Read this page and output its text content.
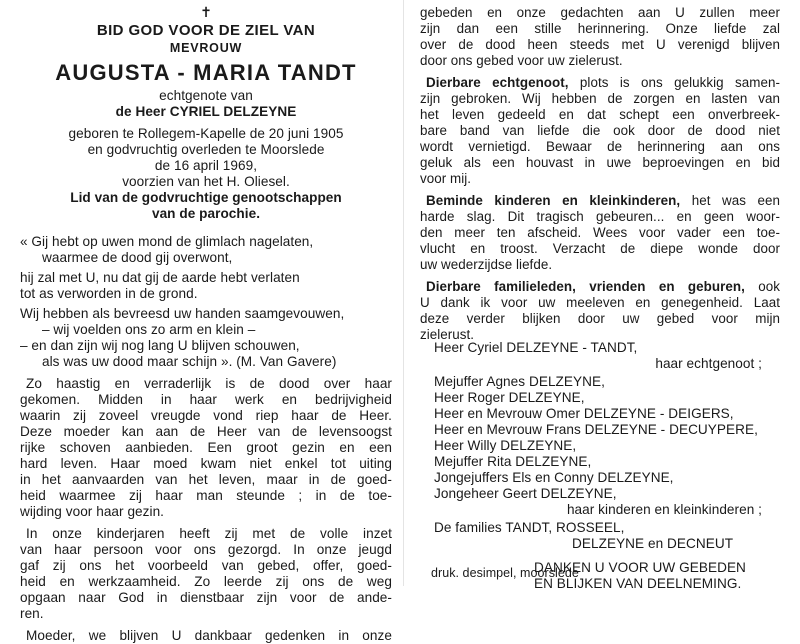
✝
BID GOD VOOR DE ZIEL VAN
MEVROUW
AUGUSTA - MARIA TANDT
echtgenote van
de Heer CYRIEL DELZEYNE
geboren te Rollegem-Kapelle de 20 juni 1905
en godvruchtig overleden te Moorslede
de 16 april 1969,
voorzien van het H. Oliesel.
Lid van de godvruchtige genootschappen
van de parochie.
« Gij hebt op uwen mond de glimlach nagelaten,
waarmee de dood gij overwont,
hij zal met U, nu dat gij de aarde hebt verlaten
tot as verworden in de grond.
Wij hebben als bevreesd uw handen saamgevouwen,
– wij voelden ons zo arm en klein –
– en dan zijn wij nog lang U blijven schouwen,
als was uw dood maar schijn ». (M. Van Gavere)
Zo haastig en verraderlijk is de dood over haar
gekomen. Midden in haar werk en bedrijvigheid
waarin zij zoveel vreugde vond riep haar de Heer.
Deze moeder kan aan de Heer van de levensoogst
rijke schoven aanbieden. Een groot gezin en een
hard leven. Haar moed kwam niet enkel tot uiting
in het aanvaarden van het leven, maar in de goed-
heid waarmee zij haar man steunde ; in de toe-
wijding voor haar gezin.
In onze kinderjaren heeft zij met de volle inzet
van haar persoon voor ons gezorgd. In onze jeugd
gaf zij ons het voorbeeld van gebed, offer, goed-
heid en werkzaamheid. Zo leerde zij ons de weg
opgaan naar God in dienstbaar zijn voor de ande-
ren.
Moeder, we blijven U dankbaar gedenken in onze
gebeden en onze gedachten aan U zullen meer
zijn dan een stille herinnering. Onze liefde zal
over de dood heen steeds met U verenigd blijven
door ons gebed voor uw zielerust.
Dierbare echtgenoot, plots is ons gelukkig samen-
zijn gebroken. Wij hebben de zorgen en lasten van
het leven gedeeld en dat schept een onverbreek-
bare band van liefde die ook door de dood niet
wordt vernietigd. Bewaar de herinnering aan ons
geluk als een houvast in uwe beproevingen en bid
voor mij.
Beminde kinderen en kleinkinderen, het was een
harde slag. Dit tragisch gebeuren... en geen woor-
den meer ten afscheid. Wees voor vader een toe-
vlucht en troost. Verzacht de diepe wonde door
uw wederzijdse liefde.
Dierbare familieleden, vrienden en geburen, ook
U dank ik voor uw meeleven en genegenheid. Laat
deze verder blijken door uw gebed voor mijn
zielerust.
Heer Cyriel DELZEYNE - TANDT,
haar echtgenoot ;
Mejuffer Agnes DELZEYNE,
Heer Roger DELZEYNE,
Heer en Mevrouw Omer DELZEYNE - DEIGERS,
Heer en Mevrouw Frans DELZEYNE - DECUYPERE,
Heer Willy DELZEYNE,
Mejuffer Rita DELZEYNE,
Jongejuffers Els en Conny DELZEYNE,
Jongeheer Geert DELZEYNE,
haar kinderen en kleinkinderen ;
De families TANDT, ROSSEEL,
DELZEYNE en DECNEUT
DANKEN U VOOR UW GEBEDEN
EN BLIJKEN VAN DEELNEMING.
druk. desimpel, moorslede
